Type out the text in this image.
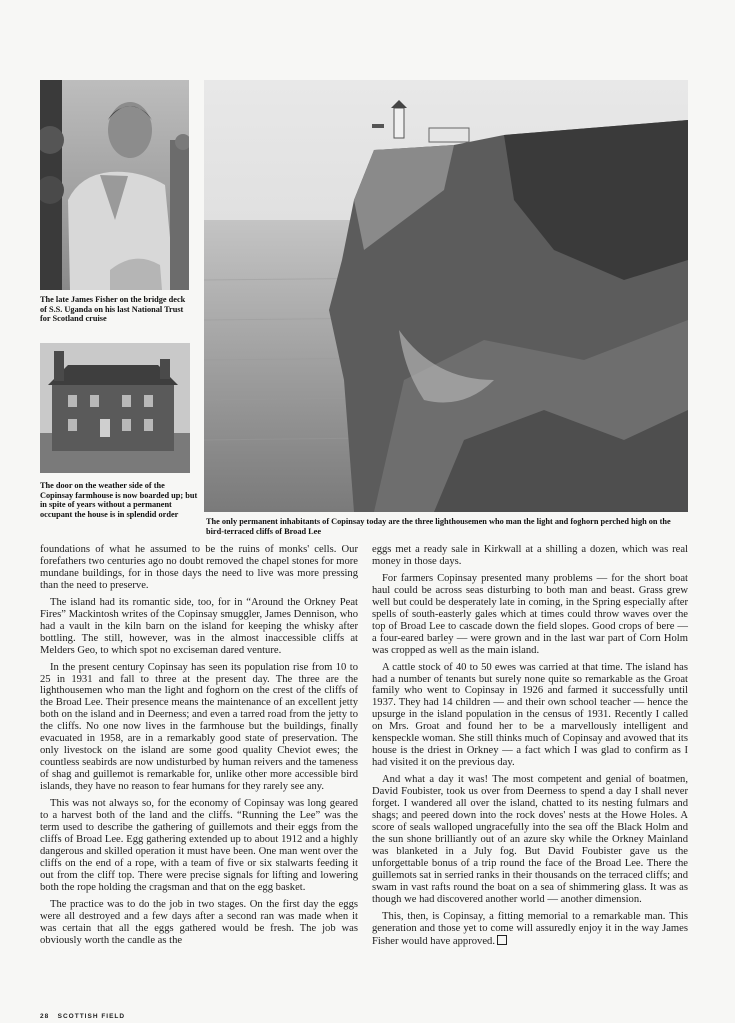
The late James Fisher on the bridge deck of S.S. Uganda on his last National Trust for Scotland cruise
The door on the weather side of the Copinsay farmhouse is now boarded up; but in spite of years without a permanent occupant the house is in splendid order
The only permanent inhabitants of Copinsay today are the three lighthousemen who man the light and foghorn perched high on the bird-terraced cliffs of Broad Lee

foundations of what he assumed to be the ruins of monks' cells. Our forefathers two centuries ago no doubt removed the chapel stones for more mundane buildings, for in those days the need to live was more pressing than the need to preserve.

The island had its romantic side, too, for in “Around the Orkney Peat Fires” Mackintosh writes of the Copinsay smuggler, James Dennison, who had a vault in the kiln barn on the island for keeping the whisky after bottling. The still, however, was in the almost inaccessible cliffs at Melders Geo, to which spot no exciseman dared venture.

In the present century Copinsay has seen its population rise from 10 to 25 in 1931 and fall to three at the present day. The three are the lighthousemen who man the light and foghorn on the crest of the cliffs of the Broad Lee. Their presence means the maintenance of an excellent jetty both on the island and in Deerness; and even a tarred road from the jetty to the cliffs. No one now lives in the farmhouse but the buildings, finally evacuated in 1958, are in a remarkably good state of preservation. The only livestock on the island are some good quality Cheviot ewes; the countless seabirds are now undisturbed by human reivers and the tameness of shag and guillemot is remarkable for, unlike other more accessible bird islands, they have no reason to fear humans for they rarely see any.

This was not always so, for the economy of Copinsay was long geared to a harvest both of the land and the cliffs. “Running the Lee” was the term used to describe the gathering of guillemots and their eggs from the cliffs of Broad Lee. Egg gathering extended up to about 1912 and a highly dangerous and skilled operation it must have been. One man went over the cliffs on the end of a rope, with a team of five or six stalwarts feeding it out from the cliff top. There were precise signals for lifting and lowering both the rope holding the cragsman and that on the egg basket.

The practice was to do the job in two stages. On the first day the eggs were all destroyed and a few days after a second ran was made when it was certain that all the eggs gathered would be fresh. The job was obviously worth the candle as the

eggs met a ready sale in Kirkwall at a shilling a dozen, which was real money in those days.

For farmers Copinsay presented many problems — for the short boat haul could be across seas disturbing to both man and beast. Grass grew well but could be desperately late in coming, in the Spring especially after spells of south-easterly gales which at times could throw waves over the top of Broad Lee to cascade down the field slopes. Good crops of bere — a four-eared barley — were grown and in the last war part of Corn Holm was cropped as well as the main island.

A cattle stock of 40 to 50 ewes was carried at that time. The island has had a number of tenants but surely none quite so remarkable as the Groat family who went to Copinsay in 1926 and farmed it successfully until 1937. They had 14 children — and their own school teacher — hence the upsurge in the island population in the census of 1931. Recently I called on Mrs. Groat and found her to be a marvellously intelligent and kenspeckle woman. She still thinks much of Copinsay and avowed that its house is the driest in Orkney — a fact which I was glad to confirm as I had visited it on the previous day.

And what a day it was! The most competent and genial of boatmen, David Foubister, took us over from Deerness to spend a day I shall never forget. I wandered all over the island, chatted to its nesting fulmars and shags; and peered down into the rock doves' nests at the Howe Holes. A score of seals walloped ungracefully into the sea off the Black Holm and the sun shone brilliantly out of an azure sky while the Orkney Mainland was blanketed in a July fog. But David Foubister gave us the unforgettable bonus of a trip round the face of the Broad Lee. There the guillemots sat in serried ranks in their thousands on the terraced cliffs; and swam in vast rafts round the boat on a sea of shimmering glass. It was as though we had discovered another world — another dimension.

This, then, is Copinsay, a fitting memorial to a remarkable man. This generation and those yet to come will assuredly enjoy it in the way James Fisher would have approved.

28 SCOTTISH FIELD
